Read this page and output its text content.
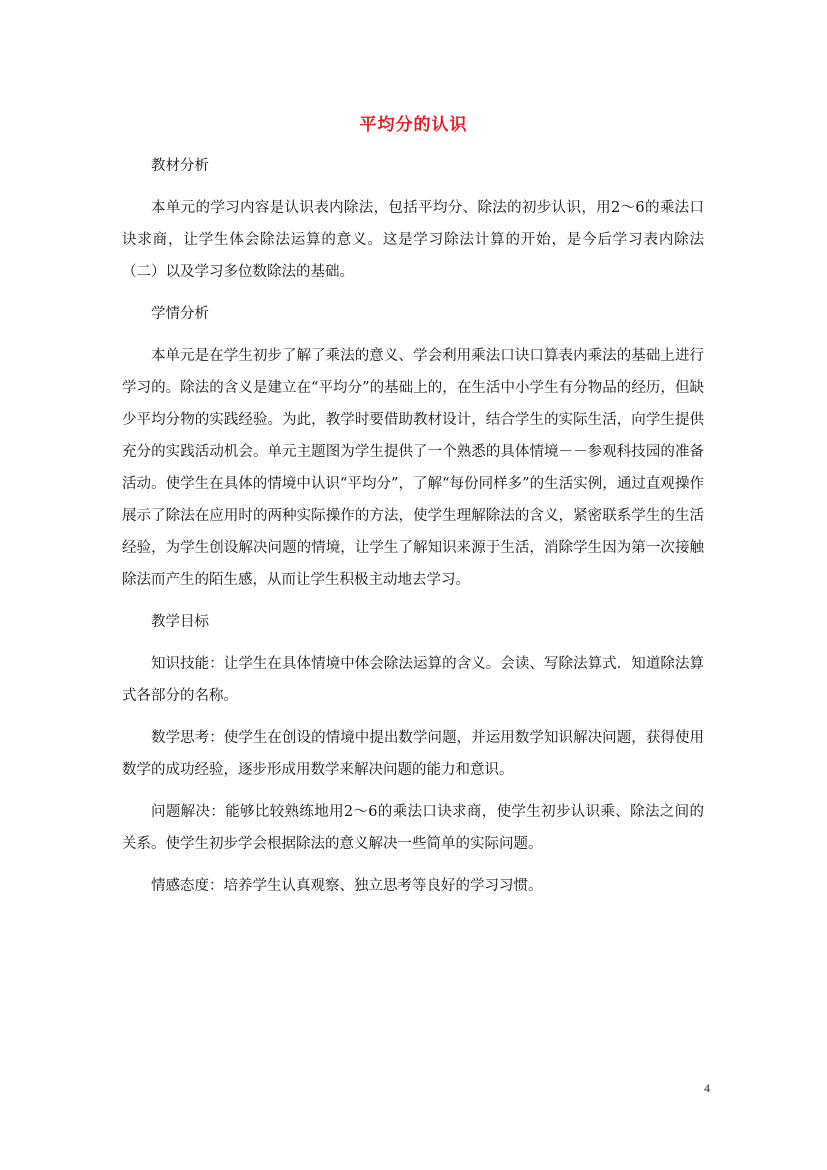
平均分的认识

教材分析

本单元的学习内容是认识表内除法，包括平均分、除法的初步认识，用2～6的乘法口诀求商，让学生体会除法运算的意义。这是学习除法计算的开始，是今后学习表内除法（二）以及学习多位数除法的基础。

学情分析

本单元是在学生初步了解了乘法的意义、学会利用乘法口诀口算表内乘法的基础上进行学习的。除法的含义是建立在“平均分”的基础上的，在生活中小学生有分物品的经历，但缺少平均分物的实践经验。为此，教学时要借助教材设计，结合学生的实际生活，向学生提供充分的实践活动机会。单元主题图为学生提供了一个熟悉的具体情境－－参观科技园的准备活动。使学生在具体的情境中认识“平均分”，了解“每份同样多”的生活实例，通过直观操作展示了除法在应用时的两种实际操作的方法，使学生理解除法的含义，紧密联系学生的生活经验，为学生创设解决问题的情境，让学生了解知识来源于生活，消除学生因为第一次接触除法而产生的陌生感，从而让学生积极主动地去学习。

教学目标

知识技能：让学生在具体情境中体会除法运算的含义。会读、写除法算式．知道除法算式各部分的名称。

数学思考：使学生在创设的情境中提出数学问题，并运用数学知识解决问题，获得使用数学的成功经验，逐步形成用数学来解决问题的能力和意识。

问题解决：能够比较熟练地用2～6的乘法口诀求商，使学生初步认识乘、除法之间的关系。使学生初步学会根据除法的意义解决一些简单的实际问题。

情感态度：培养学生认真观察、独立思考等良好的学习习惯。

4
